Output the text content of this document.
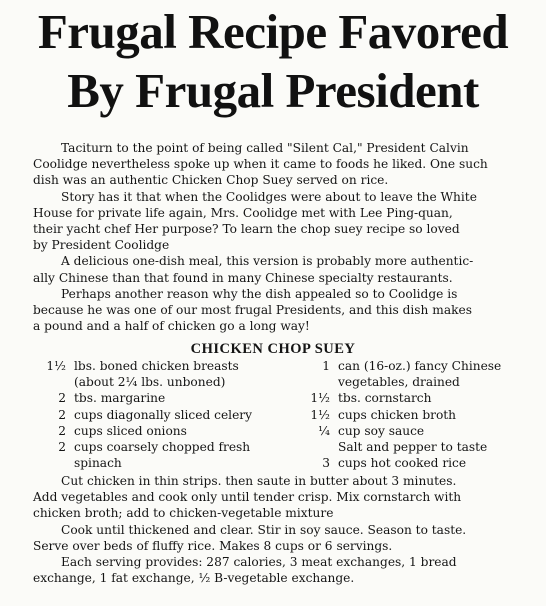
Frugal Recipe Favored
By Frugal President
Taciturn to the point of being called "Silent Cal," President Calvin
Coolidge nevertheless spoke up when it came to foods he liked. One such
dish was an authentic Chicken Chop Suey served on rice.
Story has it that when the Coolidges were about to leave the White
House for private life again, Mrs. Coolidge met with Lee Ping-quan,
their yacht chef Her purpose? To learn the chop suey recipe so loved
by President Coolidge
A delicious one-dish meal, this version is probably more authentic-
ally Chinese than that found in many Chinese specialty restaurants.
Perhaps another reason why the dish appealed so to Coolidge is
because he was one of our most frugal Presidents, and this dish makes
a pound and a half of chicken go a long way!
CHICKEN CHOP SUEY
1½ lbs. boned chicken breasts
(about 2¼ lbs. unboned)
2 tbs. margarine
2 cups diagonally sliced celery
2 cups sliced onions
2 cups coarsely chopped fresh
spinach
1 can (16-oz.) fancy Chinese
vegetables, drained
1½ tbs. cornstarch
1½ cups chicken broth
¼ cup soy sauce
Salt and pepper to taste
3 cups hot cooked rice
Cut chicken in thin strips. then saute in butter about 3 minutes.
Add vegetables and cook only until tender crisp. Mix cornstarch with
chicken broth; add to chicken-vegetable mixture
Cook until thickened and clear. Stir in soy sauce. Season to taste.
Serve over beds of fluffy rice. Makes 8 cups or 6 servings.
Each serving provides: 287 calories, 3 meat exchanges, 1 bread
exchange, 1 fat exchange, ½ B-vegetable exchange.
